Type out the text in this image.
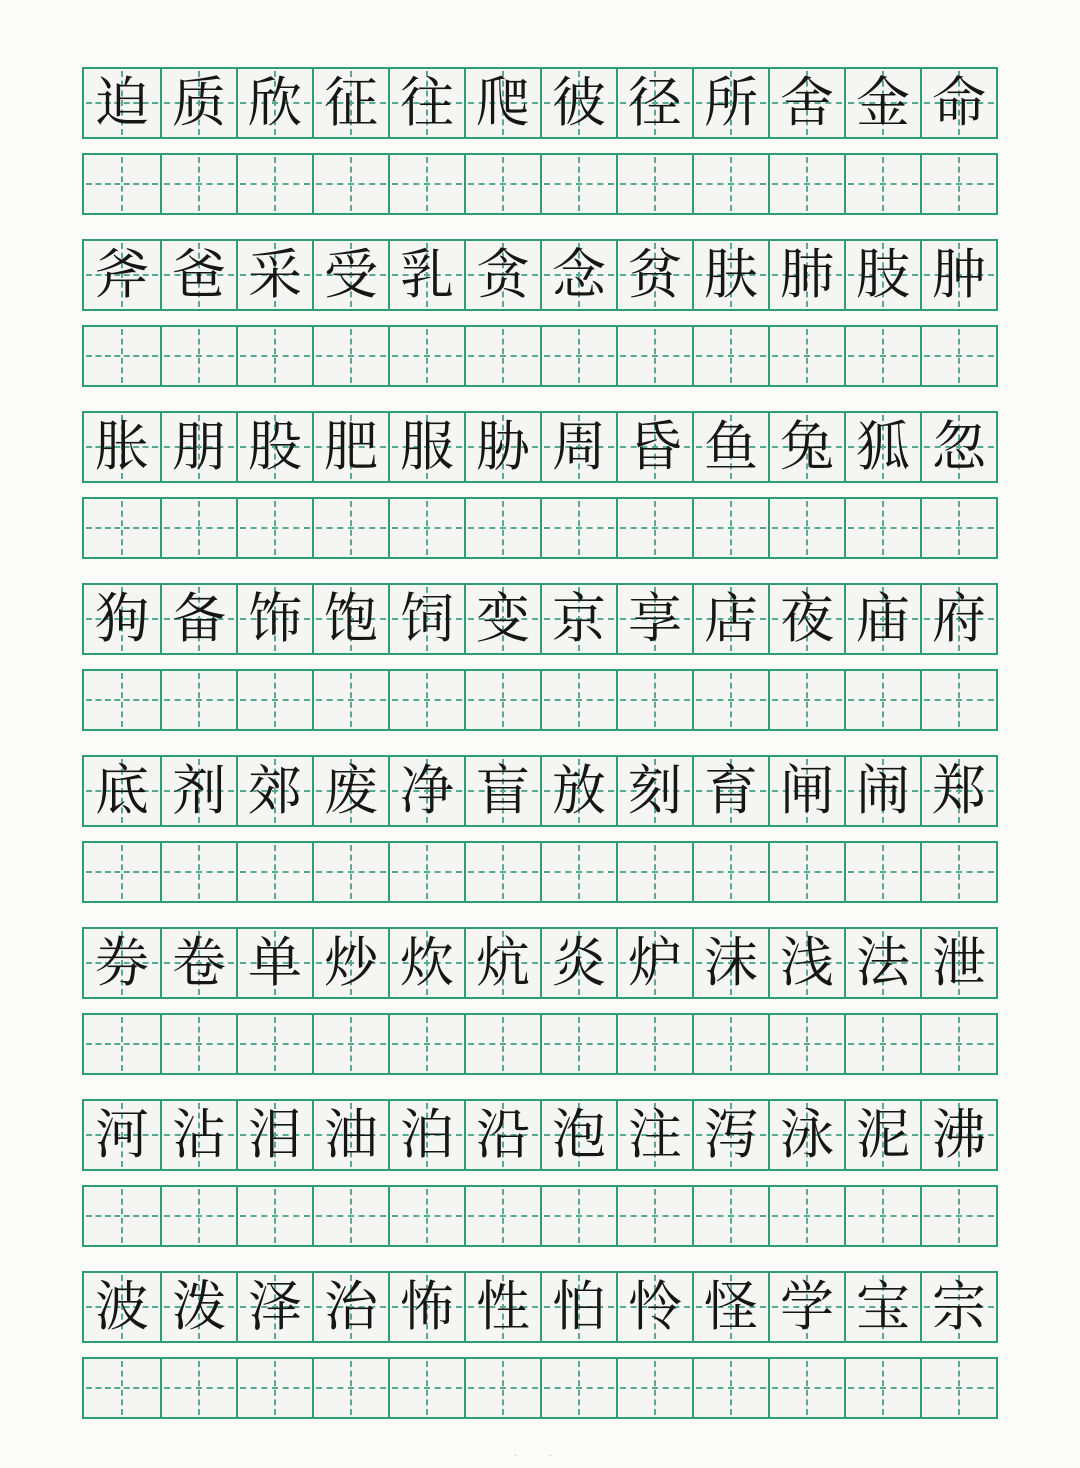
迫 质 欣 征 往 爬 彼 径 所 舍 金 命
斧 爸 采 受 乳 贪 念 贫 肤 肺 肢 肿
胀 朋 股 肥 服 胁 周 昏 鱼 兔 狐 忽
狗 备 饰 饱 饲 变 京 享 店 夜 庙 府
底 剂 郊 废 净 盲 放 刻 育 闸 闹 郑
券 卷 单 炒 炊 炕 炎 炉 沫 浅 法 泄
河 沾 泪 油 泊 沿 泡 注 泻 泳 泥 沸
波 泼 泽 治 怖 性 怕 怜 怪 学 宝 宗
· ·
